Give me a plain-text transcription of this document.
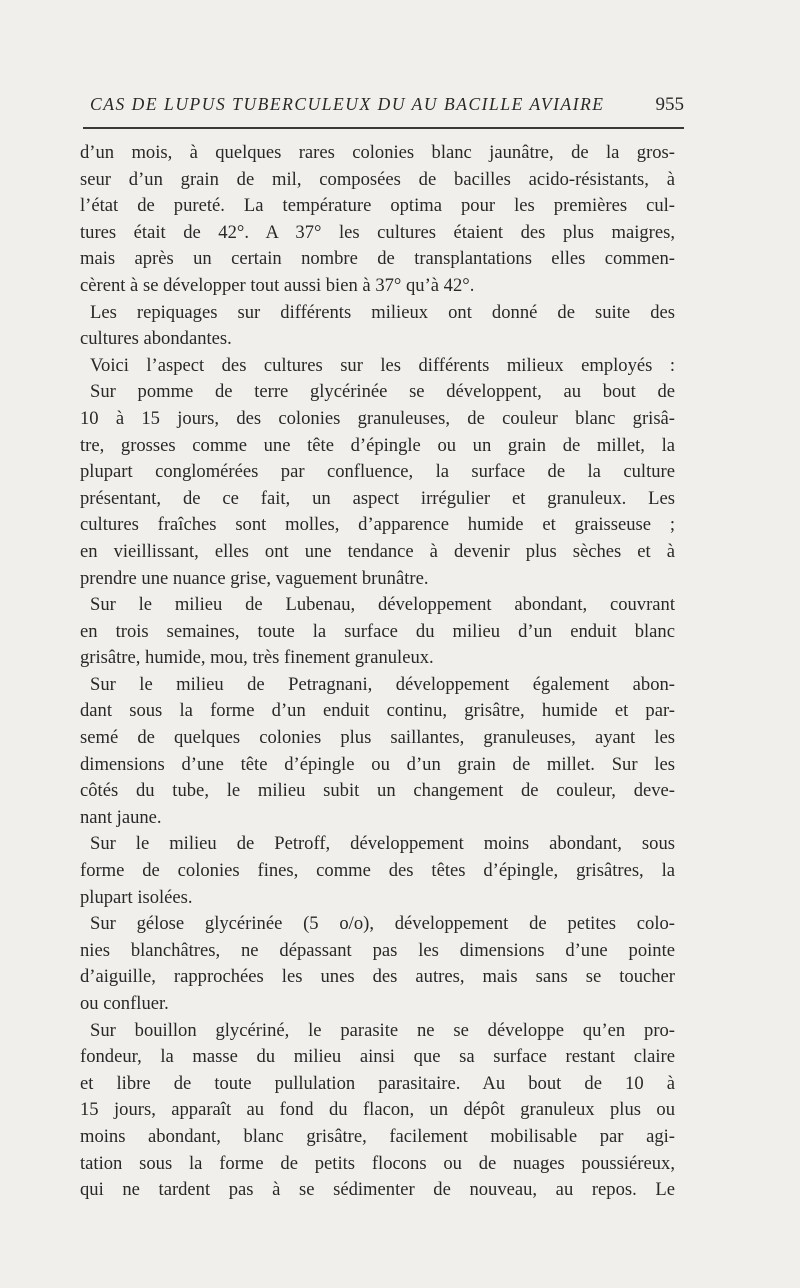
CAS DE LUPUS TUBERCULEUX DU AU BACILLE AVIAIRE	955
d’un mois, à quelques rares colonies blanc jaunâtre, de la gros-
seur d’un grain de mil, composées de bacilles acido-résistants, à
l’état de pureté. La température optima pour les premières cul-
tures était de 42°. A 37° les cultures étaient des plus maigres,
mais après un certain nombre de transplantations elles commen-
cèrent à se développer tout aussi bien à 37° qu’à 42°.
Les repiquages sur différents milieux ont donné de suite des
cultures abondantes.
Voici l’aspect des cultures sur les différents milieux employés :
Sur pomme de terre glycérinée se développent, au bout de
10 à 15 jours, des colonies granuleuses, de couleur blanc grisâ-
tre, grosses comme une tête d’épingle ou un grain de millet, la
plupart conglomérées par confluence, la surface de la culture
présentant, de ce fait, un aspect irrégulier et granuleux. Les
cultures fraîches sont molles, d’apparence humide et graisseuse ;
en vieillissant, elles ont une tendance à devenir plus sèches et à
prendre une nuance grise, vaguement brunâtre.
Sur le milieu de Lubenau, développement abondant, couvrant
en trois semaines, toute la surface du milieu d’un enduit blanc
grisâtre, humide, mou, très finement granuleux.
Sur le milieu de Petragnani, développement également abon-
dant sous la forme d’un enduit continu, grisâtre, humide et par-
semé de quelques colonies plus saillantes, granuleuses, ayant les
dimensions d’une tête d’épingle ou d’un grain de millet. Sur les
côtés du tube, le milieu subit un changement de couleur, deve-
nant jaune.
Sur le milieu de Petroff, développement moins abondant, sous
forme de colonies fines, comme des têtes d’épingle, grisâtres, la
plupart isolées.
Sur gélose glycérinée (5 o/o), développement de petites colo-
nies blanchâtres, ne dépassant pas les dimensions d’une pointe
d’aiguille, rapprochées les unes des autres, mais sans se toucher
ou confluer.
Sur bouillon glycériné, le parasite ne se développe qu’en pro-
fondeur, la masse du milieu ainsi que sa surface restant claire
et libre de toute pullulation parasitaire. Au bout de 10 à
15 jours, apparaît au fond du flacon, un dépôt granuleux plus ou
moins abondant, blanc grisâtre, facilement mobilisable par agi-
tation sous la forme de petits flocons ou de nuages poussiéreux,
qui ne tardent pas à se sédimenter de nouveau, au repos. Le
